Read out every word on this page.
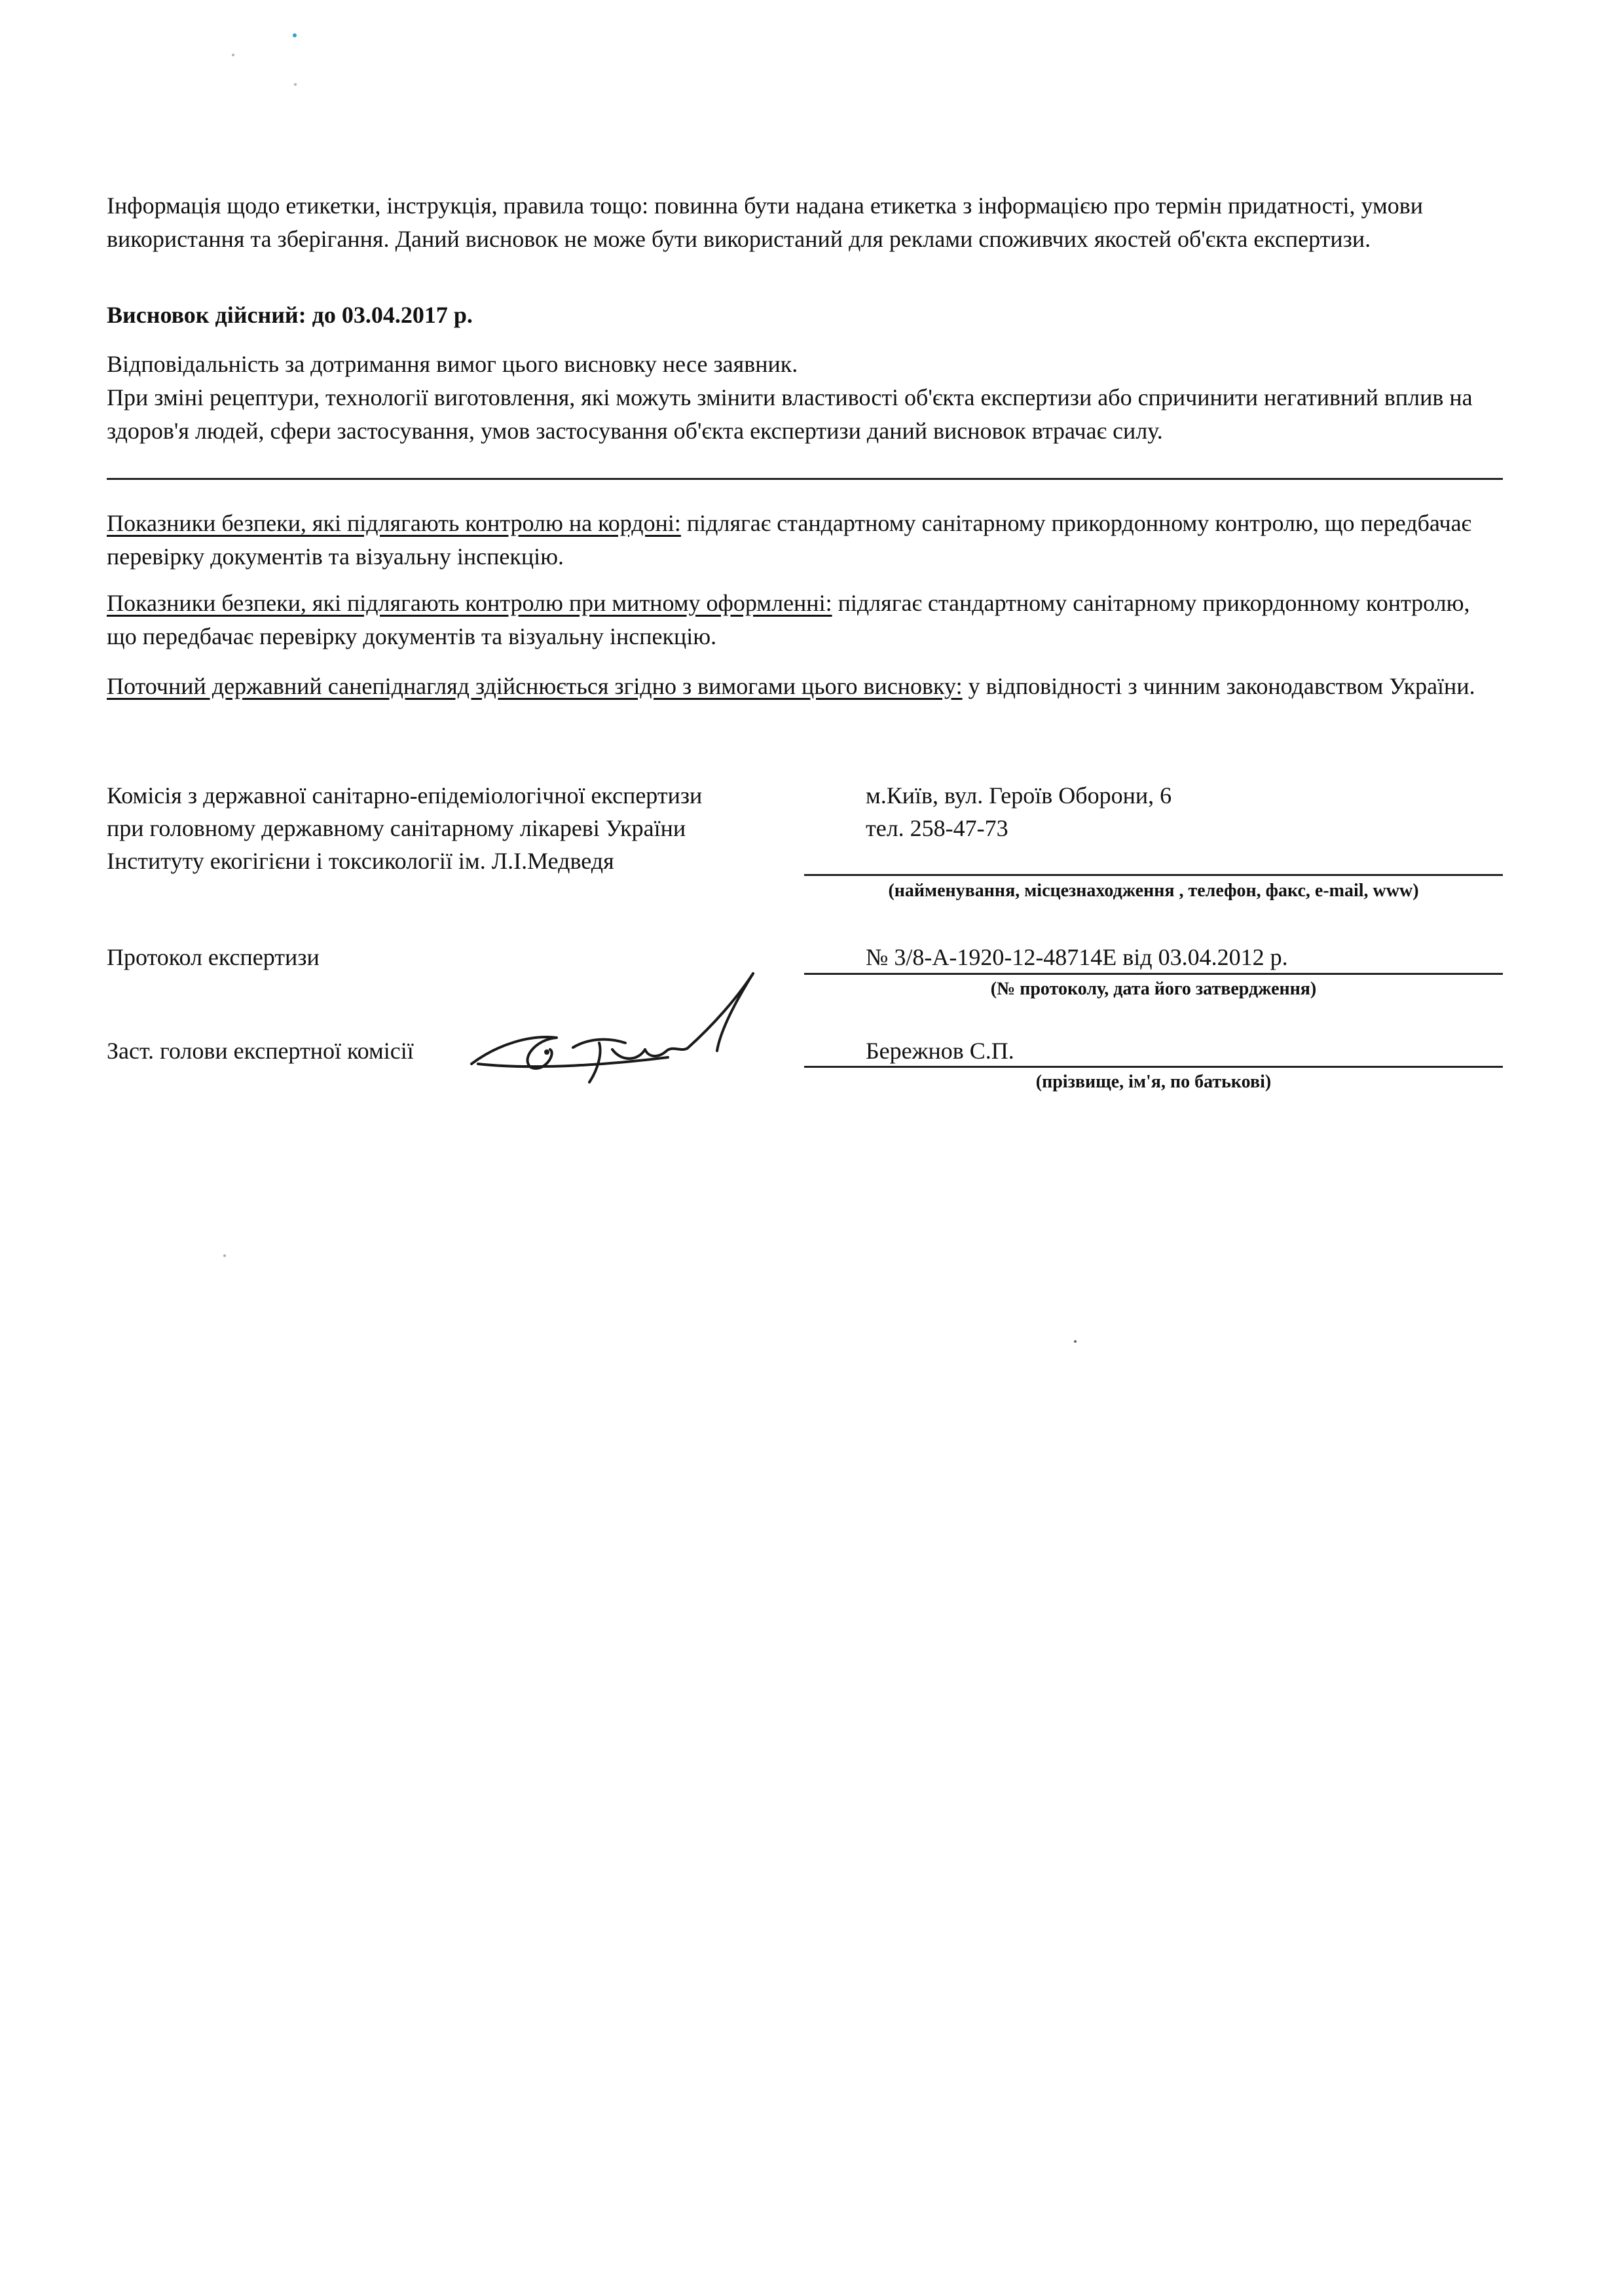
Інформація щодо етикетки, інструкція, правила тощо: повинна бути надана етикетка з інформацією про термін придатності, умови використання та зберігання. Даний висновок не може бути використаний для реклами споживчих якостей об'єкта експертизи.

Висновок дійсний: до 03.04.2017 р.

Відповідальність за дотримання вимог цього висновку несе заявник.

При зміні рецептури, технології виготовлення, які можуть змінити властивості об'єкта експертизи або спричинити негативний вплив на здоров'я людей, сфери застосування, умов застосування об'єкта експертизи даний висновок втрачає силу.

Показники безпеки, які підлягають контролю на кордоні: підлягає стандартному санітарному прикордонному контролю, що передбачає перевірку документів та візуальну інспекцію.

Показники безпеки, які підлягають контролю при митному оформленні: підлягає стандартному санітарному прикордонному контролю, що передбачає перевірку документів та візуальну інспекцію.

Поточний державний санепіднагляд здійснюється згідно з вимогами цього висновку: у відповідності з чинним законодавством України.

Комісія з державної санітарно-епідеміологічної експертизи
при головному державному санітарному лікареві України
Інституту екогігієни і токсикології ім. Л.І.Медведя
м.Київ, вул. Героїв Оборони, 6
тел. 258-47-73
(найменування, місцезнаходження , телефон, факс, e-mail, www)
Протокол експертизи	№ 3/8-А-1920-12-48714Е від 03.04.2012 р.
(№ протоколу, дата його затвердження)
Заст. голови експертної комісії	Бережнов С.П.
(прізвище, ім'я, по батькові)
